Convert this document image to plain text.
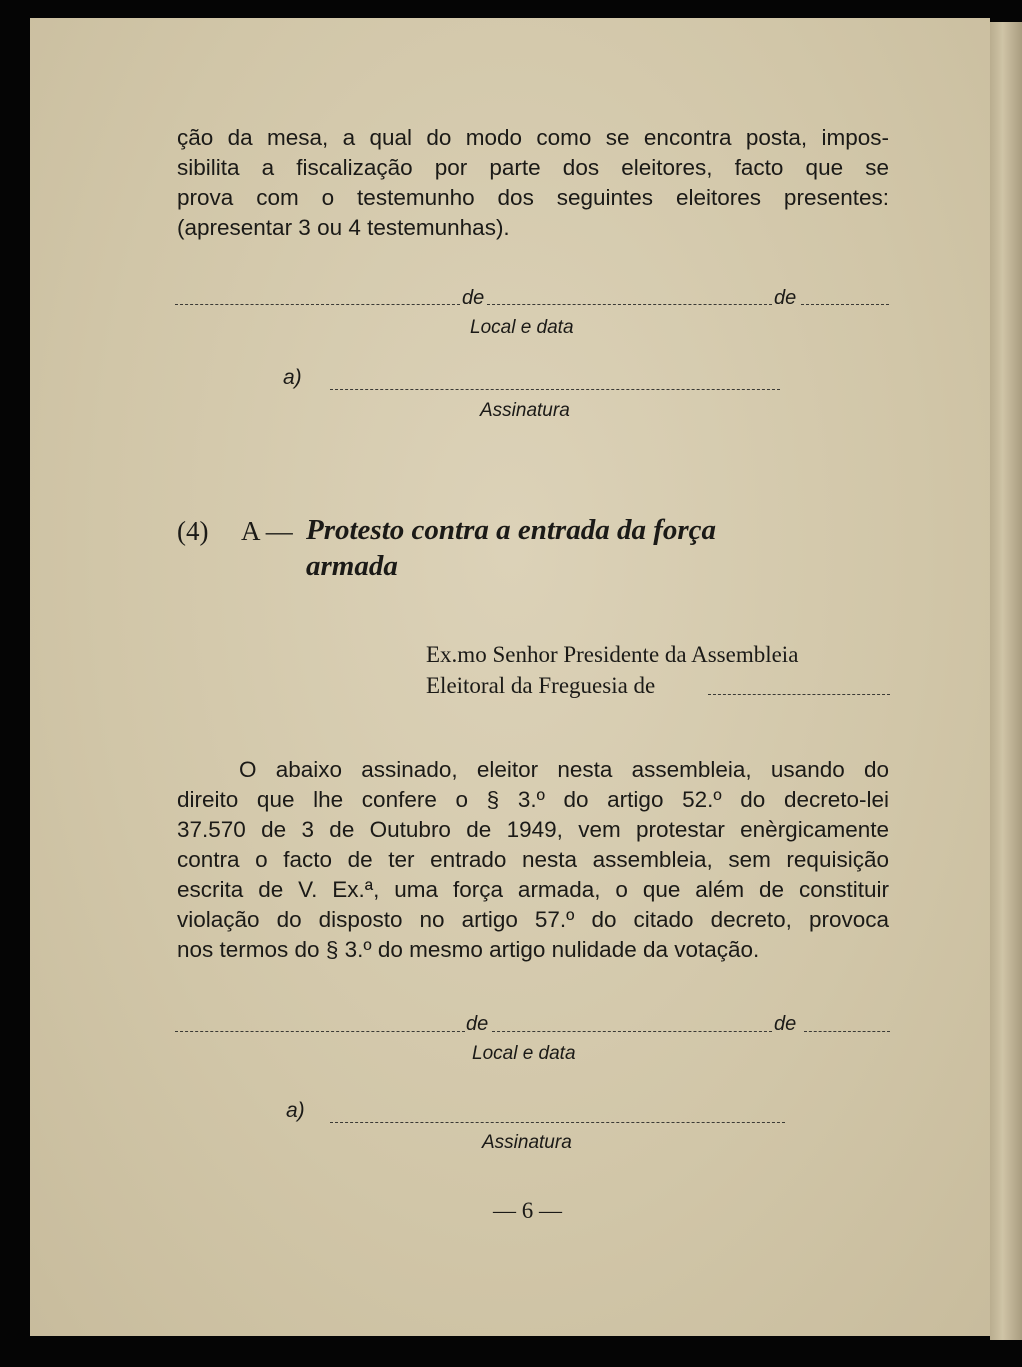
ção da mesa, a qual do modo como se encontra posta, impos-
sibilita a fiscalização por parte dos eleitores, facto que se
prova com o testemunho dos seguintes eleitores presentes:
(apresentar 3 ou 4 testemunhas).
de	de
Local e data
a)
Assinatura
(4) A — Protesto contra a entrada da força
armada
Ex.mo Senhor Presidente da Assembleia
Eleitoral da Freguesia de
O abaixo assinado, eleitor nesta assembleia, usando do
direito que lhe confere o § 3.º do artigo 52.º do decreto-lei
37.570 de 3 de Outubro de 1949, vem protestar enèrgicamente
contra o facto de ter entrado nesta assembleia, sem requisição
escrita de V. Ex.ª, uma força armada, o que além de constituir
violação do disposto no artigo 57.º do citado decreto, provoca
nos termos do § 3.º do mesmo artigo nulidade da votação.
de	de
Local e data
a)
Assinatura
— 6 —
